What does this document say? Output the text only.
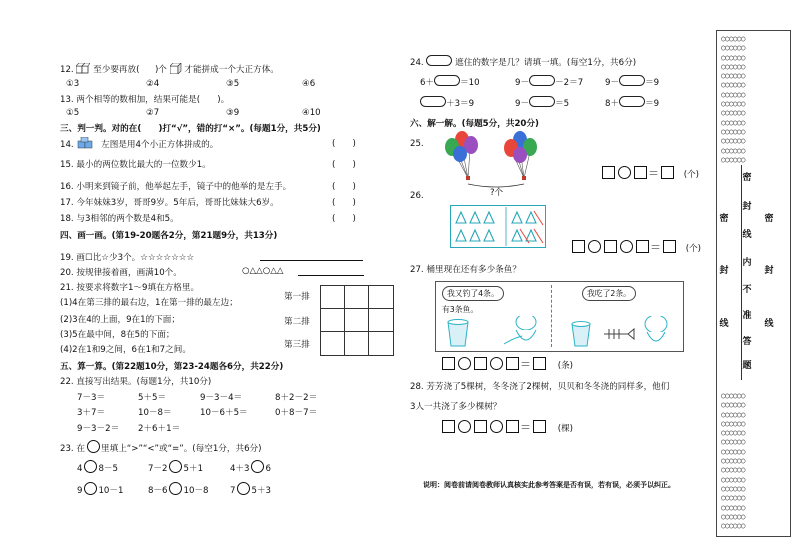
12. 至少要再放( )个 才能拼成一个大正方体。
①3	②4	③5	④6
13. 两个相等的数相加，结果可能是(　　)。
①5	②7	③9	④10
三、判一判。对的在(　　)打“√”，错的打“×”。(每题1分，共5分)
14.	左图是用4个小正方体拼成的。	(　　)
15. 最小的两位数比最大的一位数少1。	(　　)
16. 小明来到镜子前，他举起左手，镜子中的他举的是左手。	(　　)
17. 今年妹妹3岁，哥哥9岁。5年后，哥哥比妹妹大6岁。	(　　)
18. 与3相邻的两个数是4和5。	(　　)
四、画一画。(第19-20题各2分，第21题9分，共13分)
19. 画☐比☆少3个。☆☆☆☆☆☆☆
20. 按规律接着画，画满10个。	○△△○△△
21. 按要求将数字1～9填在方格里。
(1)4在第三排的最右边，1在第一排的最左边；
(2)3在4的上面，9在1的下面；
(3)5在最中间，8在5的下面；
(4)2在1和9之间，6在1和7之间。
第一排
第二排
第三排
五、算一算。(第22题10分，第23-24题各6分，共22分)
22. 直接写出结果。(每题1分，共10分)
7－3＝	5＋5＝	9－3－4＝	8＋2－2＝
3＋7＝	10－8＝	10－6＋5＝	0＋8－7＝
9－3－2＝ 2＋6＋1＝
23. 在 里填上“>”“<”或“=”。(每空1分，共6分)
4 8－5	7－2 5＋1	4＋3 6
9 10－1	8－6 10－8 7 5＋3
24.	遮住的数字是几？请填一填。(每空1分，共6分)
6＋	＝10	9－	－2＝7	9－	＝9
＋3＝9	9－	＝5	8＋	＝9
六、解一解。(每题5分，共20分)
25.
?个
＝	(个)
26.
＝	(个)
27. 桶里现在还有多少条鱼？
我又钓了4条。	我吃了2条。
有3条鱼。
＝	(条)
28. 芳芳浇了5棵树，冬冬浇了2棵树，贝贝和冬冬浇的同样多，他们
3人一共浇了多少棵树？
＝	(棵)
说明：阅卷前请阅卷教师认真核实此参考答案是否有误，若有误，必须予以纠正。
○○○○○○
○○○○○○
○○○○○○
○○○○○○
○○○○○○
○○○○○○
○○○○○○
○○○○○○
○○○○○○
○○○○○○
○○○○○○
○○○○○○
○○○○○○
○○○○○○
○○○○○○
○○○○○○
○○○○○○
○○○○○○
○○○○○○
○○○○○○
○○○○○○
○○○○○○
○○○○○○
○○○○○○
○○○○○○
○○○○○○
○○○○○○
○○○○○○
○○○○○○
密
封
线
密
封
线
密
封
线
内
不
准
答
题
